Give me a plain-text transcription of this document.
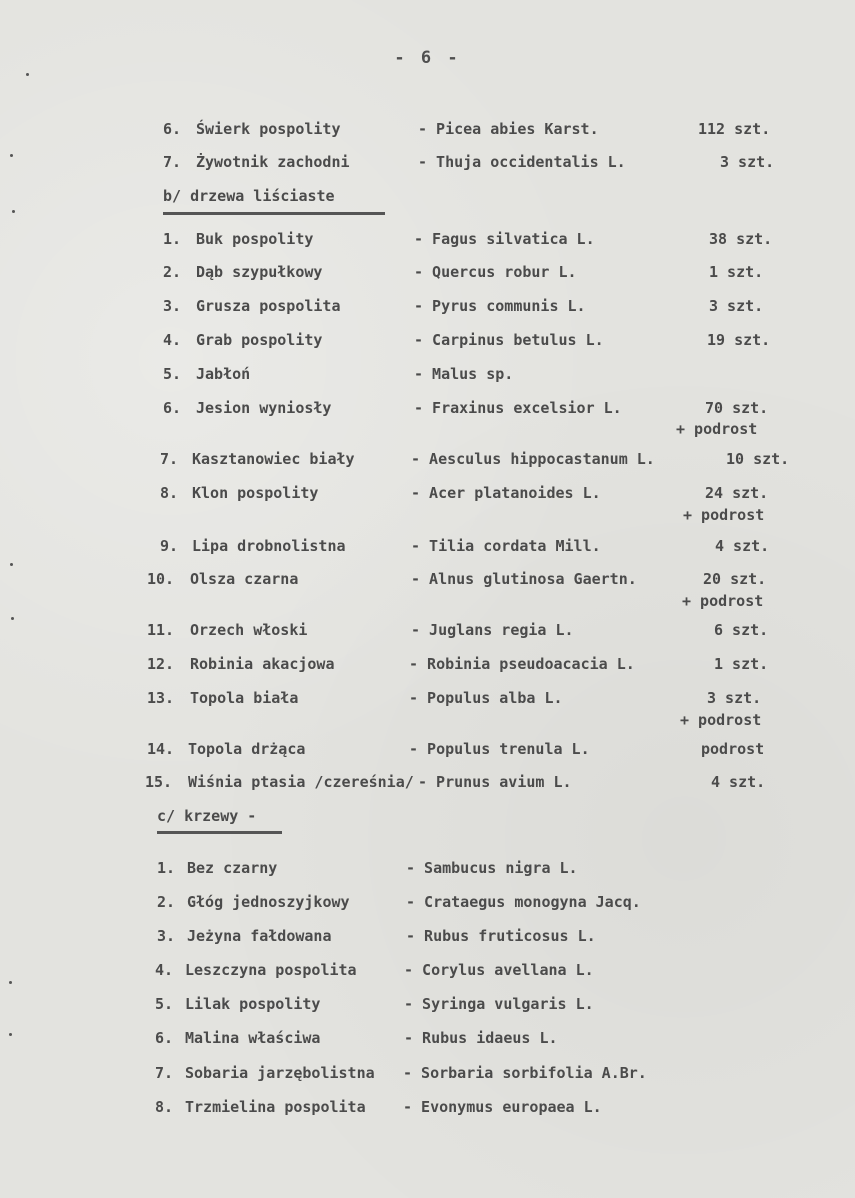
- 6 -
6. Świerk pospolity	- Picea abies Karst.	112 szt.
7. Żywotnik zachodni	- Thuja occidentalis L.	3 szt.
b/ drzewa liściaste
1. Buk pospolity	- Fagus silvatica L.	38 szt.
2. Dąb szypułkowy	- Quercus robur L.	1 szt.
3. Grusza pospolita	- Pyrus communis L.	3 szt.
4. Grab pospolity	- Carpinus betulus L.	19 szt.
5. Jabłoń	- Malus sp.
6. Jesion wyniosły	- Fraxinus excelsior L.	70 szt.
+ podrost
7. Kasztanowiec biały	- Aesculus hippocastanum L.	10 szt.
8. Klon pospolity	- Acer platanoides L.	24 szt.
+ podrost
9. Lipa drobnolistna	- Tilia cordata Mill.	4 szt.
10. Olsza czarna	- Alnus glutinosa Gaertn.	20 szt.
+ podrost
11. Orzech włoski	- Juglans regia L.	6 szt.
12. Robinia akacjowa	- Robinia pseudoacacia L.	1 szt.
13. Topola biała	- Populus alba L.	3 szt.
+ podrost
14. Topola drżąca	- Populus trenula L.	podrost
15. Wiśnia ptasia /czereśnia/ - Prunus avium L.	4 szt.
c/ krzewy -
1. Bez czarny	- Sambucus nigra L.
2. Głóg jednoszyjkowy	- Crataegus monogyna Jacq.
3. Jeżyna fałdowana	- Rubus fruticosus L.
4. Leszczyna pospolita	- Corylus avellana L.
5. Lilak pospolity	- Syringa vulgaris L.
6. Malina właściwa	- Rubus idaeus L.
7. Sobaria jarzębolistna - Sorbaria sorbifolia A.Br.
8. Trzmielina pospolita - Evonymus europaea L.
